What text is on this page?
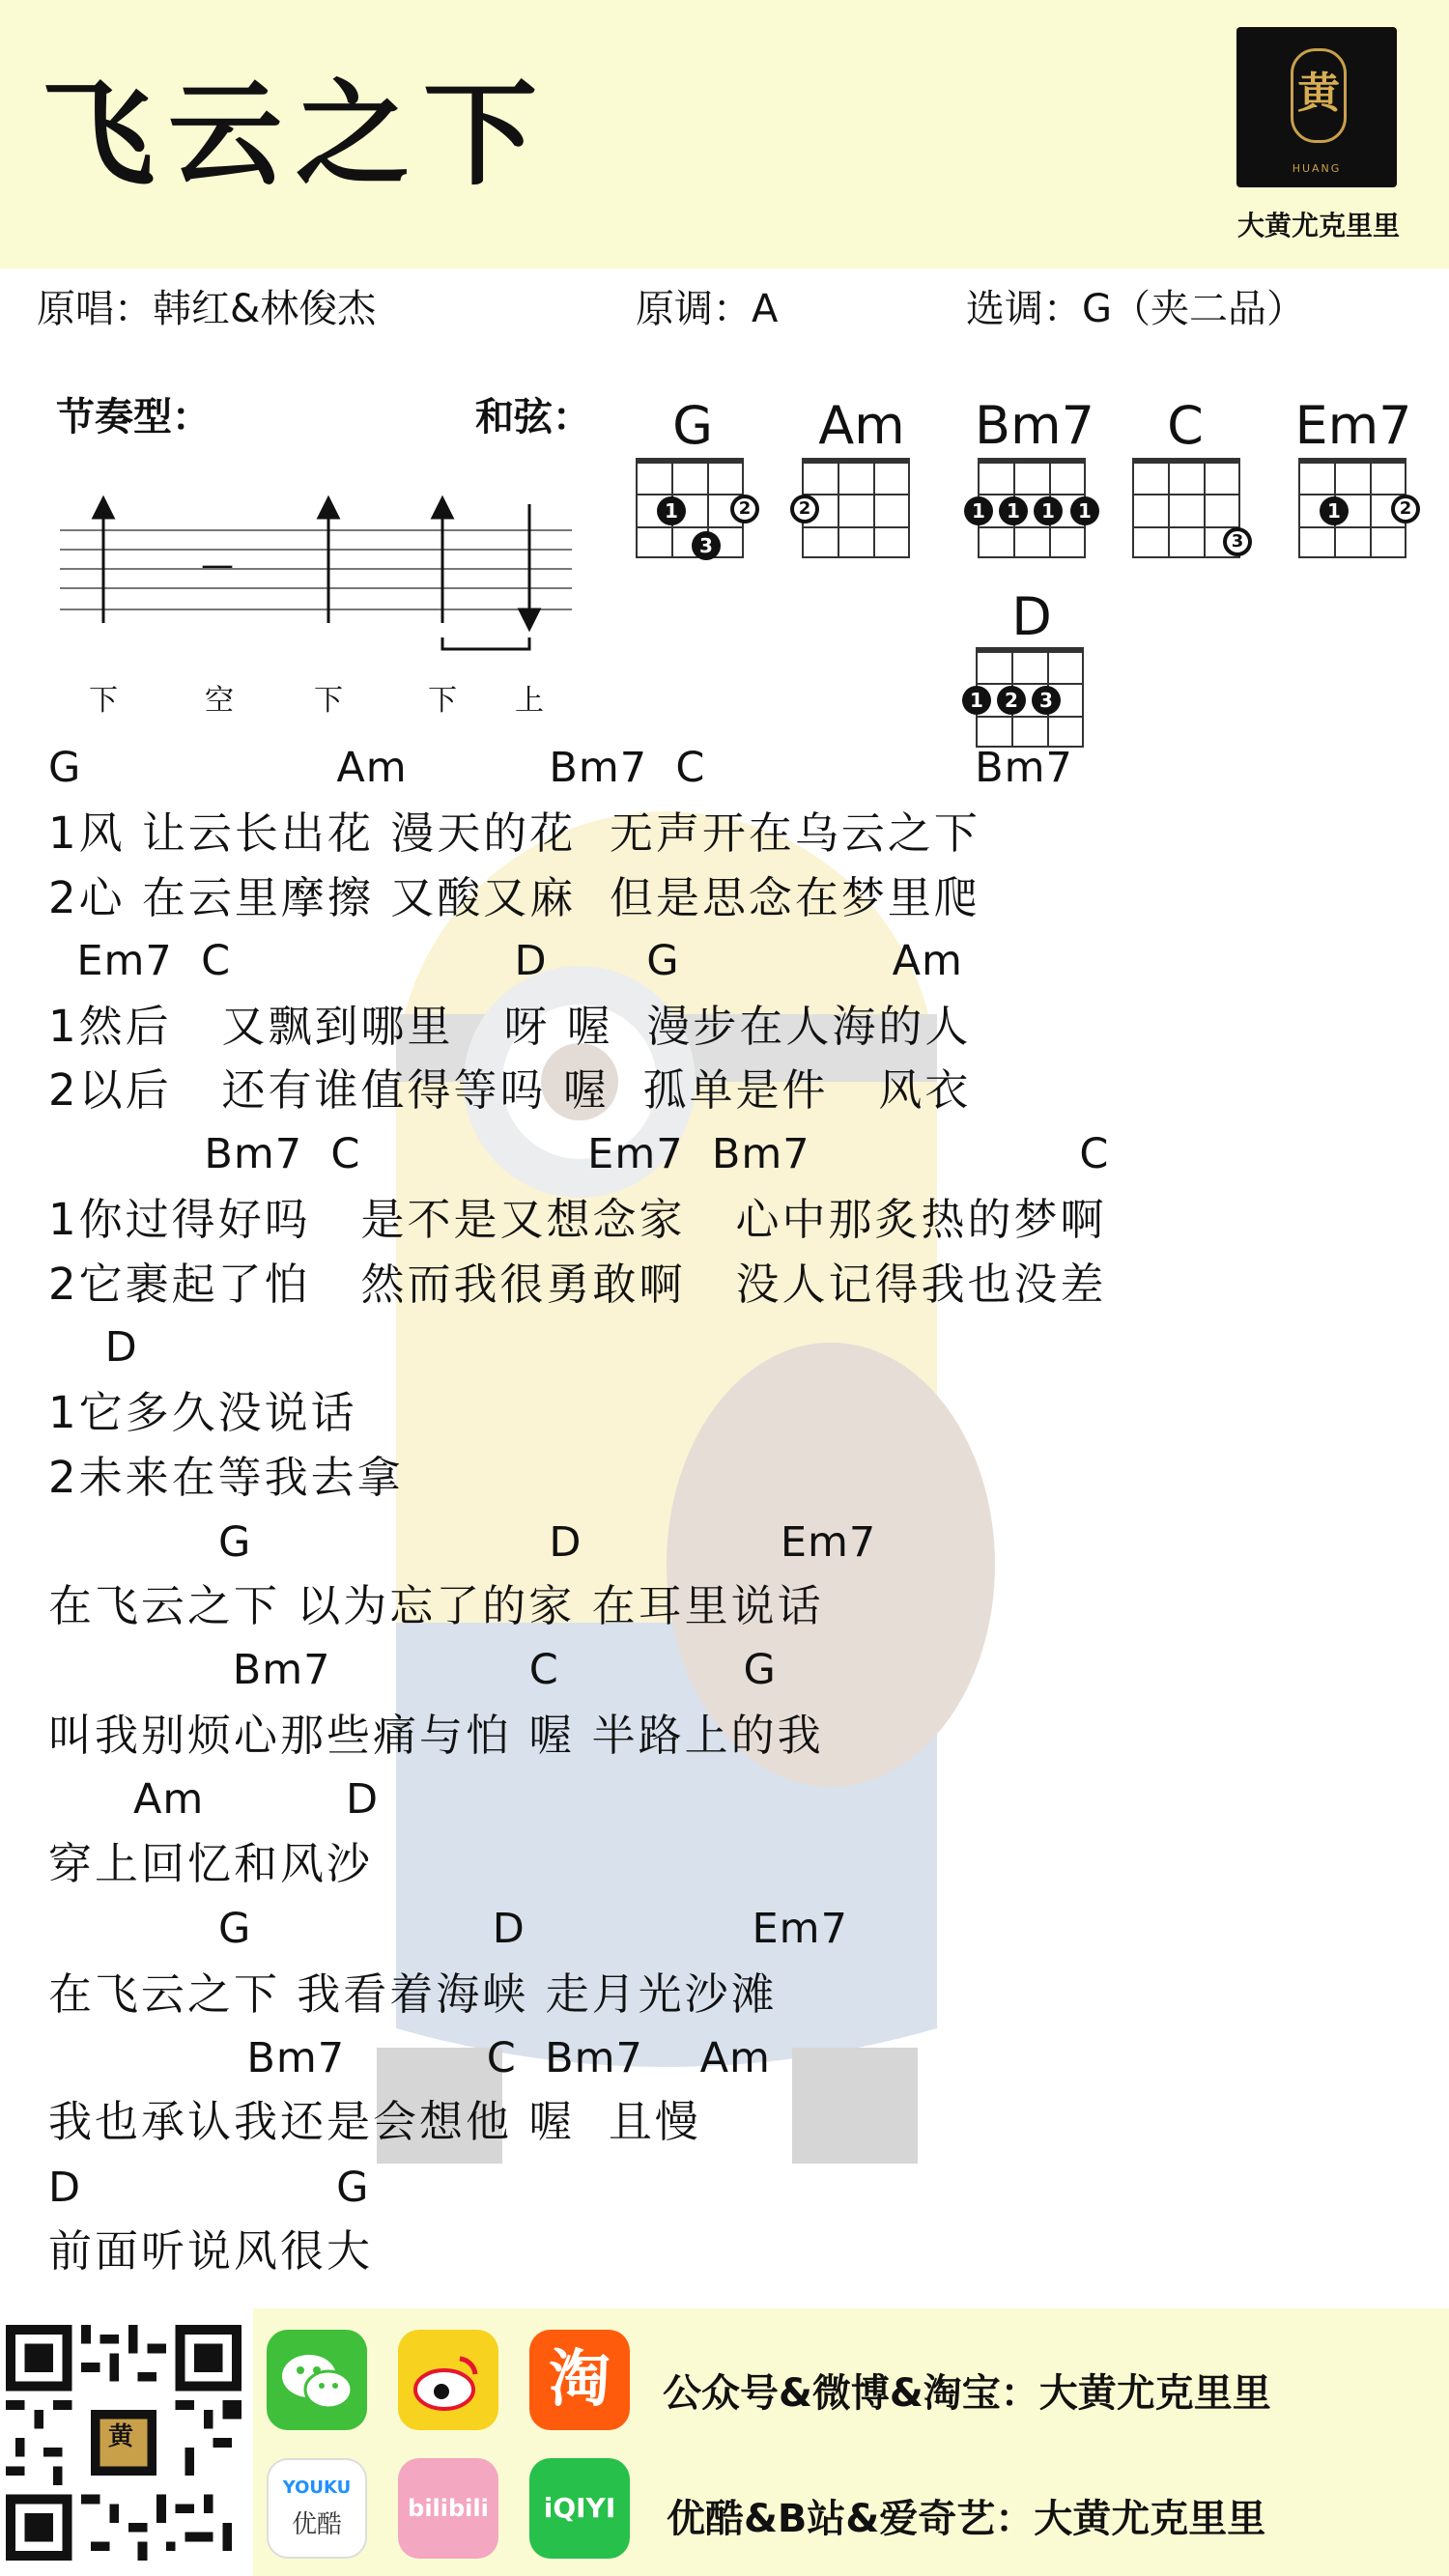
飞云之下	黄
HUANG
大黄尤克里里
原唱：韩红&林俊杰	原调：A	选调：G（夹二品）
节奏型：
—
下	空	下	下 上
和弦：	G
1	2
3
Am
2
Bm7
1	1	1	1
C
3
Em7
1	2
D
1	2	3
G                  Am          Bm7  C                   Bm7
1风 让云长出花 漫天的花  无声开在乌云之下
2心 在云里摩擦 又酸又麻  但是思念在梦里爬
Em7  C                    D       G               Am
1然后   又飘到哪里   呀 喔  漫步在人海的人
2以后   还有谁值得等吗 喔  孤单是件   风衣
Bm7  C                Em7  Bm7                   C
1你过得好吗   是不是又想念家   心中那炙热的梦啊
2它裹起了怕   然而我很勇敢啊   没人记得我也没差
D
1它多久没说话
2未来在等我去拿
G                     D              Em7
在飞云之下 以为忘了的家 在耳里说话
Bm7              C             G
叫我别烦心那些痛与怕 喔 半路上的我
Am          D
穿上回忆和风沙
G                 D                Em7
在飞云之下 我看着海峡 走月光沙滩
Bm7          C  Bm7    Am
我也承认我还是会想他 喔  且慢
D                  G
前面听说风很大
黄
淘
YOUKU
优酷
bilibili	iQIYI
公众号&微博&淘宝：大黄尤克里里
优酷&B站&爱奇艺：大黄尤克里里
